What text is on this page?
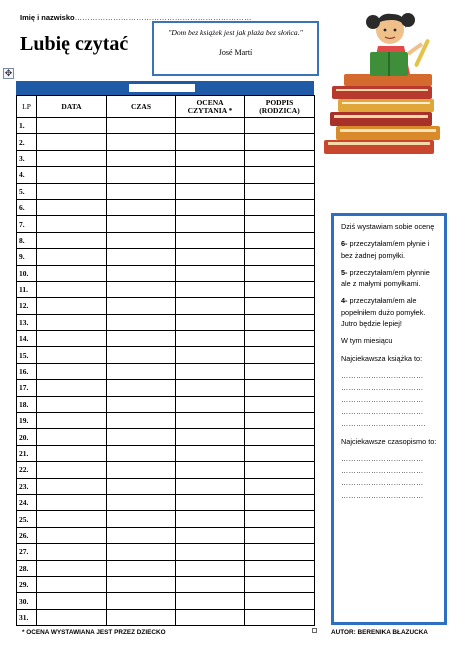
Imię i nazwisko……………………………………………………………
Lubię czytać
"Dom bez książek jest jak plaża bez słońca."
José Martí
✥
LP	DATA	CZAS	OCENA CZYTANIA *	PODPIS (RODZICA)
1.				
2.				
3.				
4.				
5.				
6.				
7.				
8.				
9.				
10.				
11.				
12.				
13.				
14.				
15.				
16.				
17.				
18.				
19.				
20.				
21.				
22.				
23.				
24.				
25.				
26.				
27.				
28.				
29.				
30.				
31.				

Dziś wystawiam sobie ocenę

6- przeczytałam/em płynie i bez żadnej pomyłki.

5- przeczytałam/em płynnie ale z małymi pomyłkami.

4- przeczytałam/em ale popełniłem dużo pomyłek. Jutro będzie lepiej!

W tym miesiącu

Najciekawsza książka to:

……………………………
……………………………
……………………………
……………………………
…………………………….

Najciekawsze czasopismo to:

……………………………
……………………………
……………………………
……………………………
* OCENA WYSTAWIANA JEST PRZEZ DZIECKO	AUTOR: BERENIKA BŁAZUCKA
